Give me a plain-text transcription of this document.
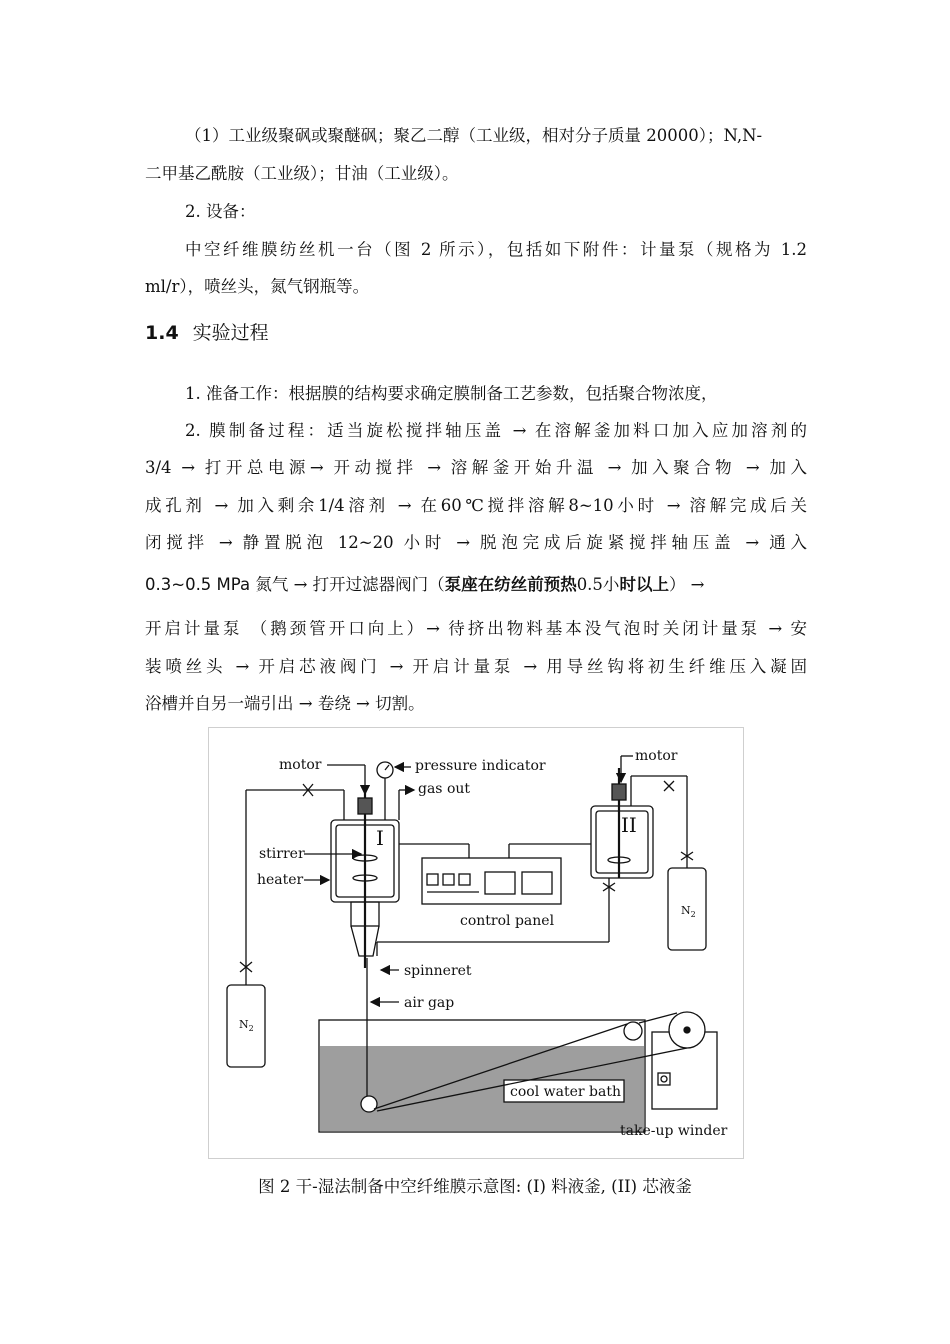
（1）工业级聚砜或聚醚砜；聚乙二醇（工业级，相对分子质量 20000）；N,N-
二甲基乙酰胺（工业级）；甘油（工业级）。
2. 设备：
中空纤维膜纺丝机一台（图 2 所示），包括如下附件：计量泵（规格为 1.2
ml/r），喷丝头，氮气钢瓶等。
1.4 实验过程
1. 准备工作：根据膜的结构要求确定膜制备工艺参数，包括聚合物浓度，
2. 膜制备过程：适当旋松搅拌轴压盖 → 在溶解釜加料口加入应加溶剂的
3/4 → 打开总电源→ 开动搅拌 → 溶解釜开始升温 → 加入聚合物 → 加入
成孔剂 → 加入剩余1/4溶剂 → 在60℃搅拌溶解8~10小时 → 溶解完成后关
闭搅拌 → 静置脱泡 12~20 小时 → 脱泡完成后旋紧搅拌轴压盖 → 通入
0.3~0.5 MPa 氮气 → 打开过滤器阀门（泵座在纺丝前预热0.5小时以上） →
开启计量泵 （鹅颈管开口向上）→ 待挤出物料基本没气泡时关闭计量泵 → 安
装喷丝头 → 开启芯液阀门 → 开启计量泵 → 用导丝钩将初生纤维压入凝固
浴槽并自另一端引出 → 卷绕 → 切割。
motor	pressure indicator
gas out
I
stirrer
heater
control panel
spinneret
air gap
motor
II
$N_2$
$N_2$
cool water bath
take-up winder
图 2 干-湿法制备中空纤维膜示意图: (I) 料液釜, (II) 芯液釜
